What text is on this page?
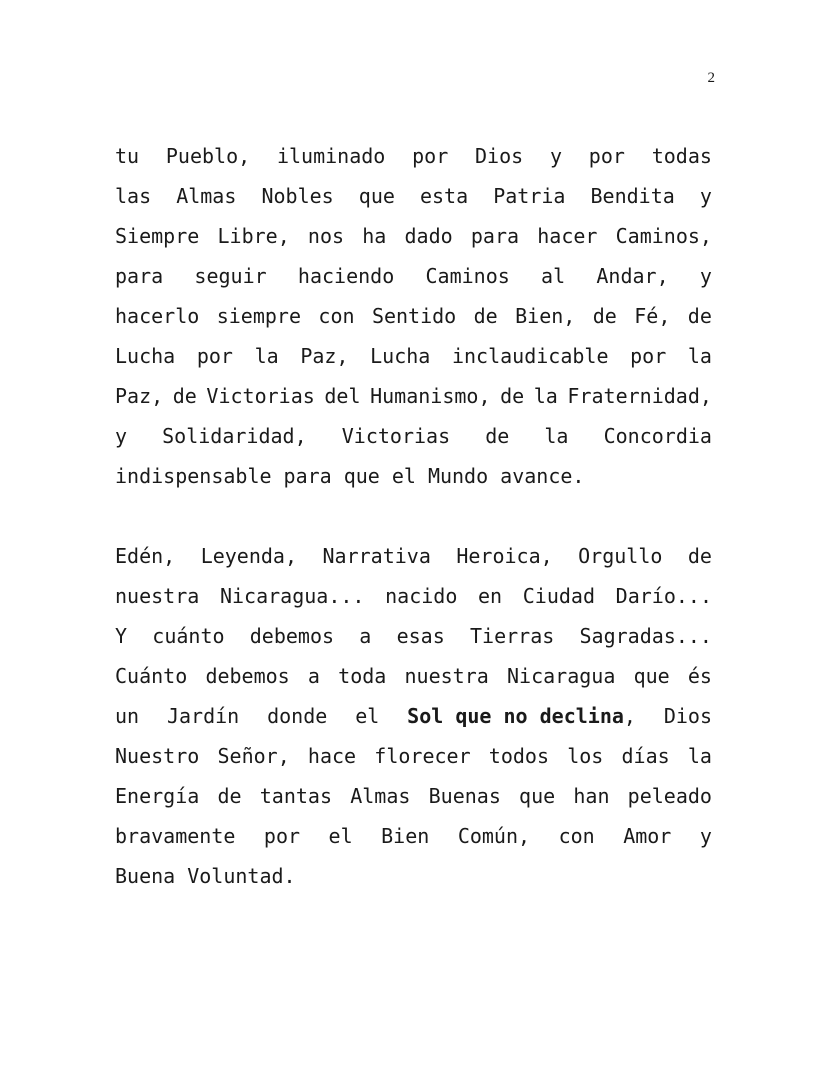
2
tu Pueblo, iluminado por Dios y por todas
las Almas Nobles que esta Patria Bendita y
Siempre Libre, nos ha dado para hacer Caminos,
para seguir haciendo Caminos al Andar, y
hacerlo siempre con Sentido de Bien, de Fé, de
Lucha por la Paz, Lucha inclaudicable por la
Paz, de Victorias del Humanismo, de la Fraternidad,
y Solidaridad, Victorias de la Concordia
indispensable para que el Mundo avance.
Edén, Leyenda, Narrativa Heroica, Orgullo de
nuestra Nicaragua... nacido en Ciudad Darío...
Y cuánto debemos a esas Tierras Sagradas...
Cuánto debemos a toda nuestra Nicaragua que és
un Jardín donde el Sol que no declina, Dios
Nuestro Señor, hace florecer todos los días la
Energía de tantas Almas Buenas que han peleado
bravamente por el Bien Común, con Amor y
Buena Voluntad.
